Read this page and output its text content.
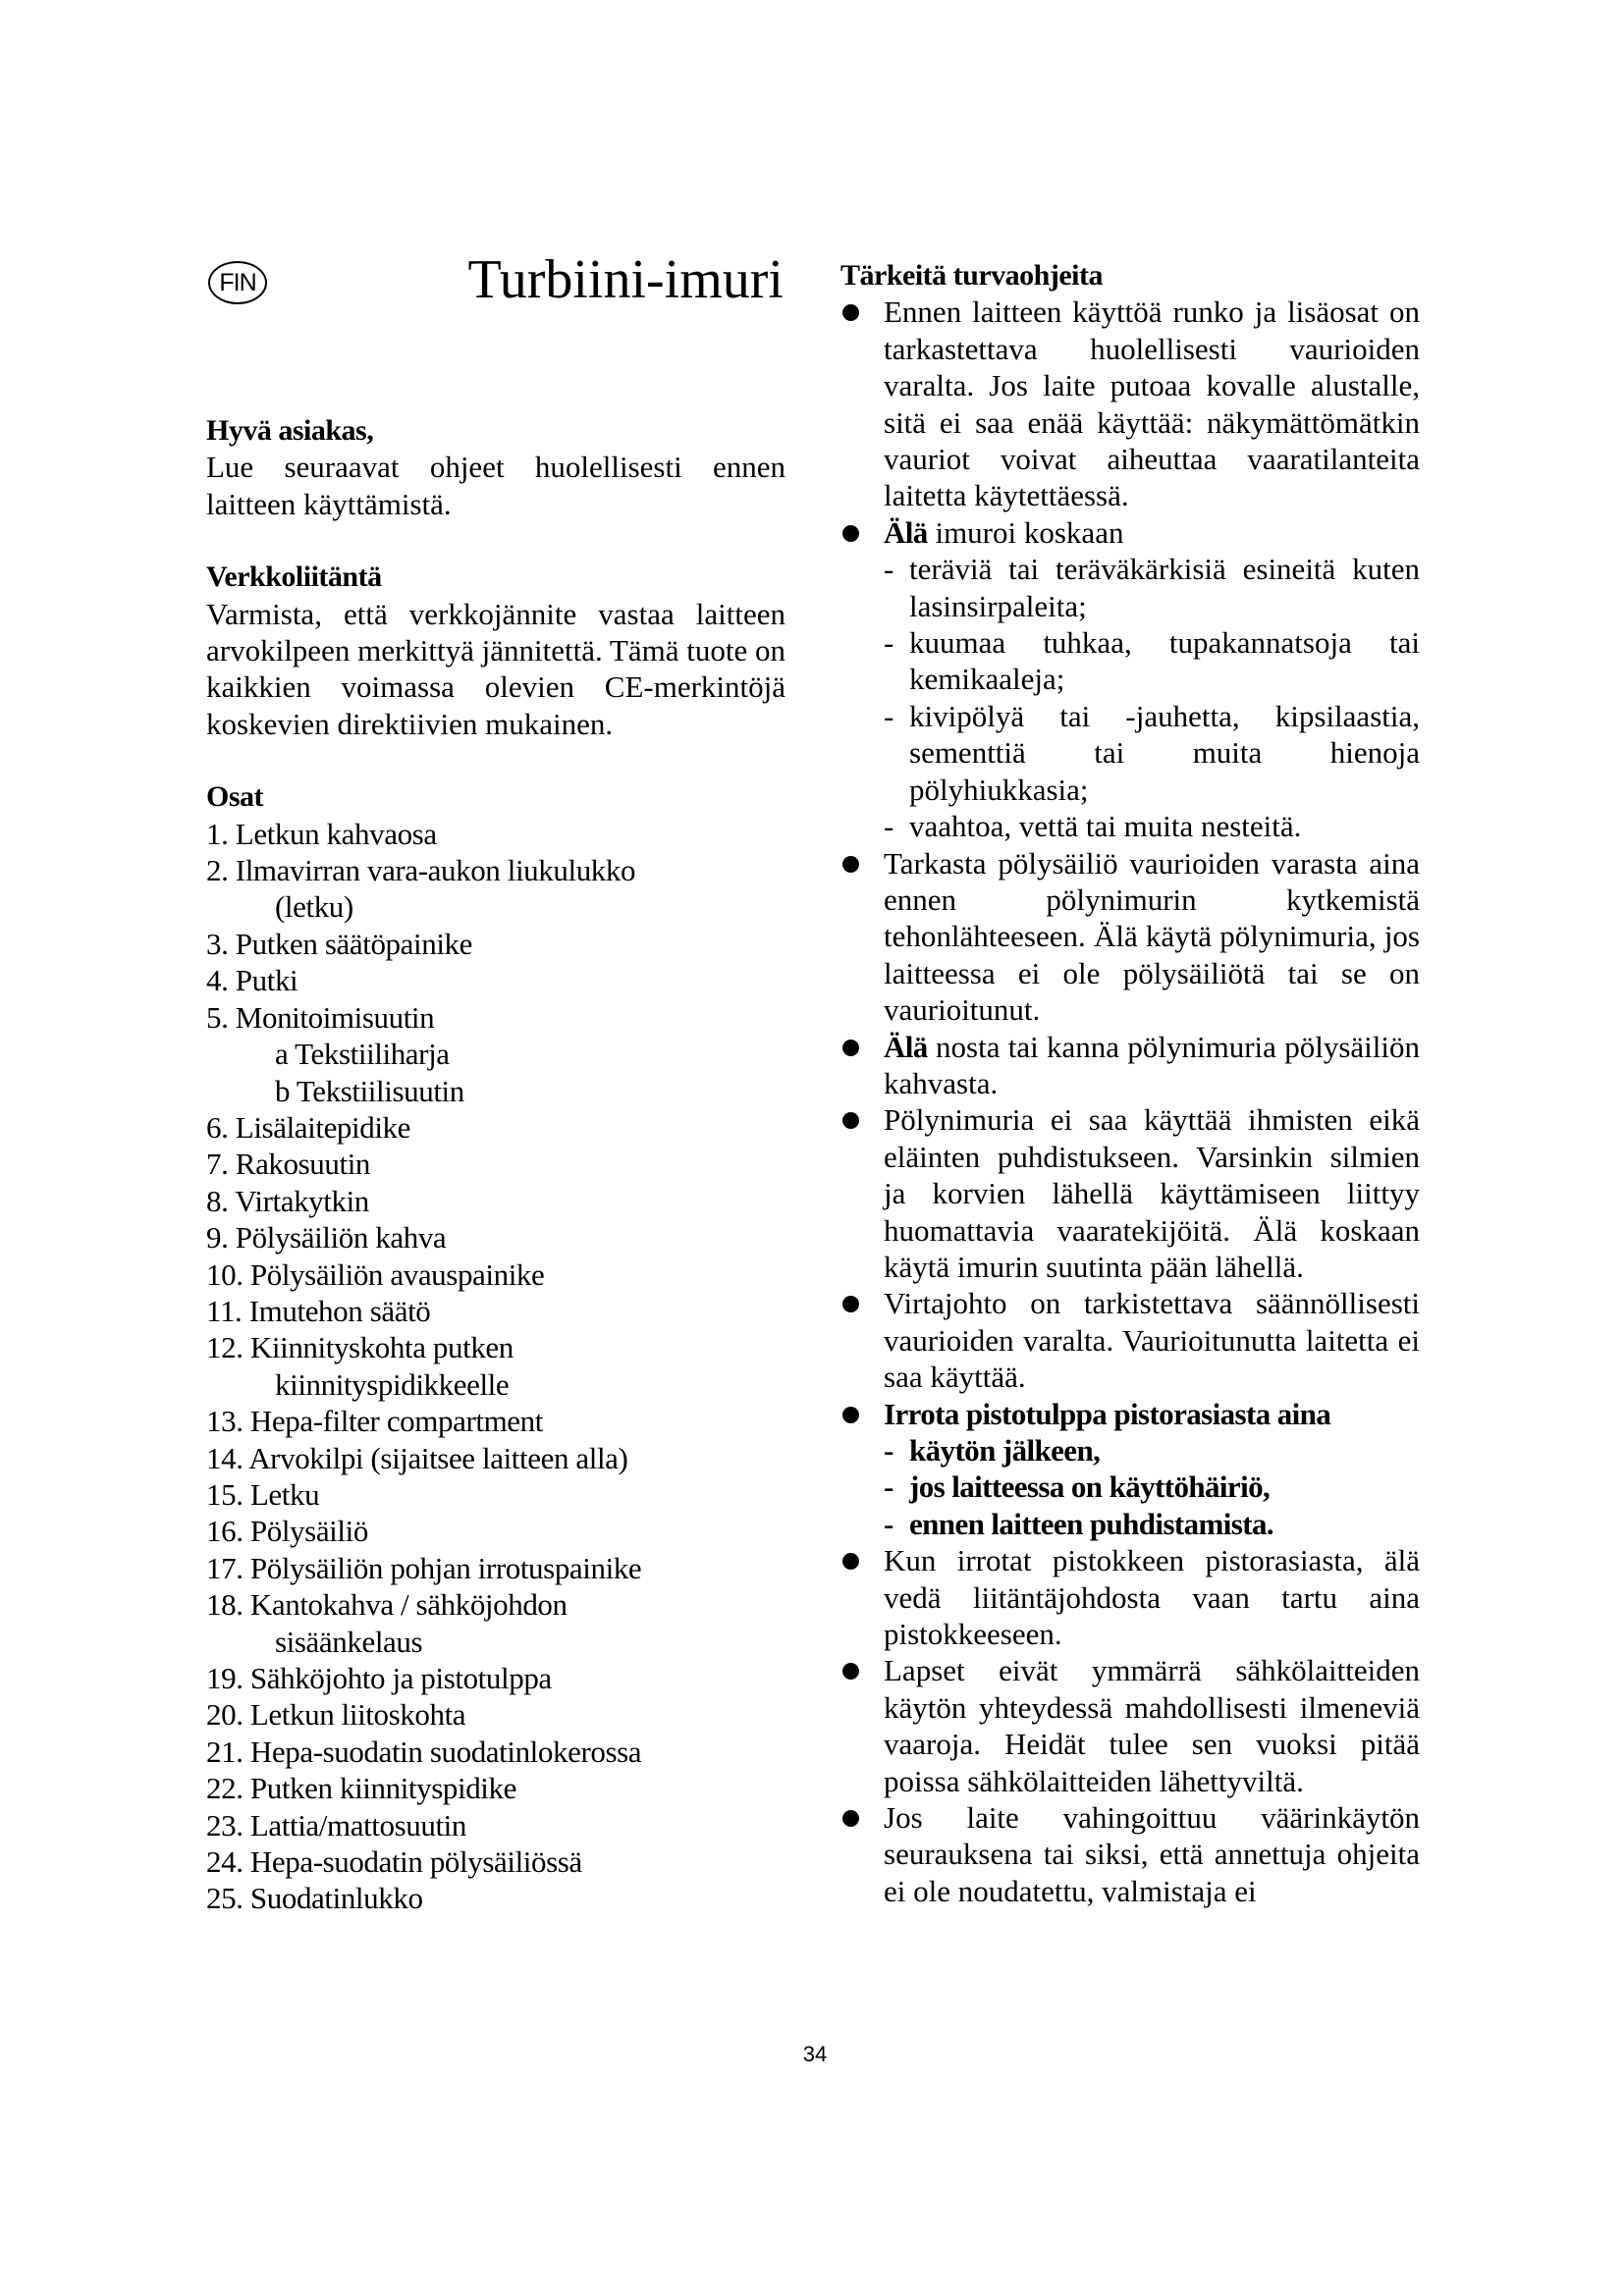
FIN	Turbiini-imuri
Hyvä asiakas,
Lue seuraavat ohjeet huolellisesti ennen laitteen käyttämistä.
Verkkoliitäntä
Varmista, että verkkojännite vastaa laitteen arvokilpeen merkittyä jännitettä. Tämä tuote on kaikkien voimassa olevien CE-merkintöjä koskevien direktiivien mukainen.
Osat
1. Letkun kahvaosa
2. Ilmavirran vara-aukon liukulukko
(letku)
3. Putken säätöpainike
4. Putki
5. Monitoimisuutin
a Tekstiiliharja
b Tekstiilisuutin
6. Lisälaitepidike
7. Rakosuutin
8. Virtakytkin
9. Pölysäiliön kahva
10. Pölysäiliön avauspainike
11. Imutehon säätö
12. Kiinnityskohta putken
kiinnityspidikkeelle
13. Hepa-filter compartment
14. Arvokilpi (sijaitsee laitteen alla)
15. Letku
16. Pölysäiliö
17. Pölysäiliön pohjan irrotuspainike
18. Kantokahva / sähköjohdon
sisäänkelaus
19. Sähköjohto ja pistotulppa
20. Letkun liitoskohta
21. Hepa-suodatin suodatinlokerossa
22. Putken kiinnityspidike
23. Lattia/mattosuutin
24. Hepa-suodatin pölysäiliössä
25. Suodatinlukko
Tärkeitä turvaohjeita
Ennen laitteen käyttöä runko ja lisäosat on tarkastettava huolellisesti vaurioiden varalta. Jos laite putoaa kovalle alustalle, sitä ei saa enää käyttää: näkymättömätkin vauriot voivat aiheuttaa vaaratilanteita laitetta käytettäessä.
Älä imuroi koskaan
- teräviä tai teräväkärkisiä esineitä kuten lasinsirpaleita;
- kuumaa tuhkaa, tupakannatsoja tai kemikaaleja;
- kivipölyä tai -jauhetta, kipsilaastia, sementtiä tai muita hienoja pölyhiukkasia;
- vaahtoa, vettä tai muita nesteitä.
Tarkasta pölysäiliö vaurioiden varasta aina ennen pölynimurin kytkemistä tehonlähteeseen. Älä käytä pölynimuria, jos laitteessa ei ole pölysäiliötä tai se on vaurioitunut.
Älä nosta tai kanna pölynimuria pölysäiliön kahvasta.
Pölynimuria ei saa käyttää ihmisten eikä eläinten puhdistukseen. Varsinkin silmien ja korvien lähellä käyttämiseen liittyy huomattavia vaaratekijöitä. Älä koskaan käytä imurin suutinta pään lähellä.
Virtajohto on tarkistettava säännöllisesti vaurioiden varalta. Vaurioitunutta laitetta ei saa käyttää.
Irrota pistotulppa pistorasiasta aina
- käytön jälkeen,
- jos laitteessa on käyttöhäiriö,
- ennen laitteen puhdistamista.
Kun irrotat pistokkeen pistorasiasta, älä vedä liitäntäjohdosta vaan tartu aina pistokkeeseen.
Lapset eivät ymmärrä sähkölaitteiden käytön yhteydessä mahdollisesti ilmeneviä vaaroja. Heidät tulee sen vuoksi pitää poissa sähkölaitteiden lähettyviltä.
Jos laite vahingoittuu väärinkäytön seurauksena tai siksi, että annettuja ohjeita ei ole noudatettu, valmistaja ei
34
